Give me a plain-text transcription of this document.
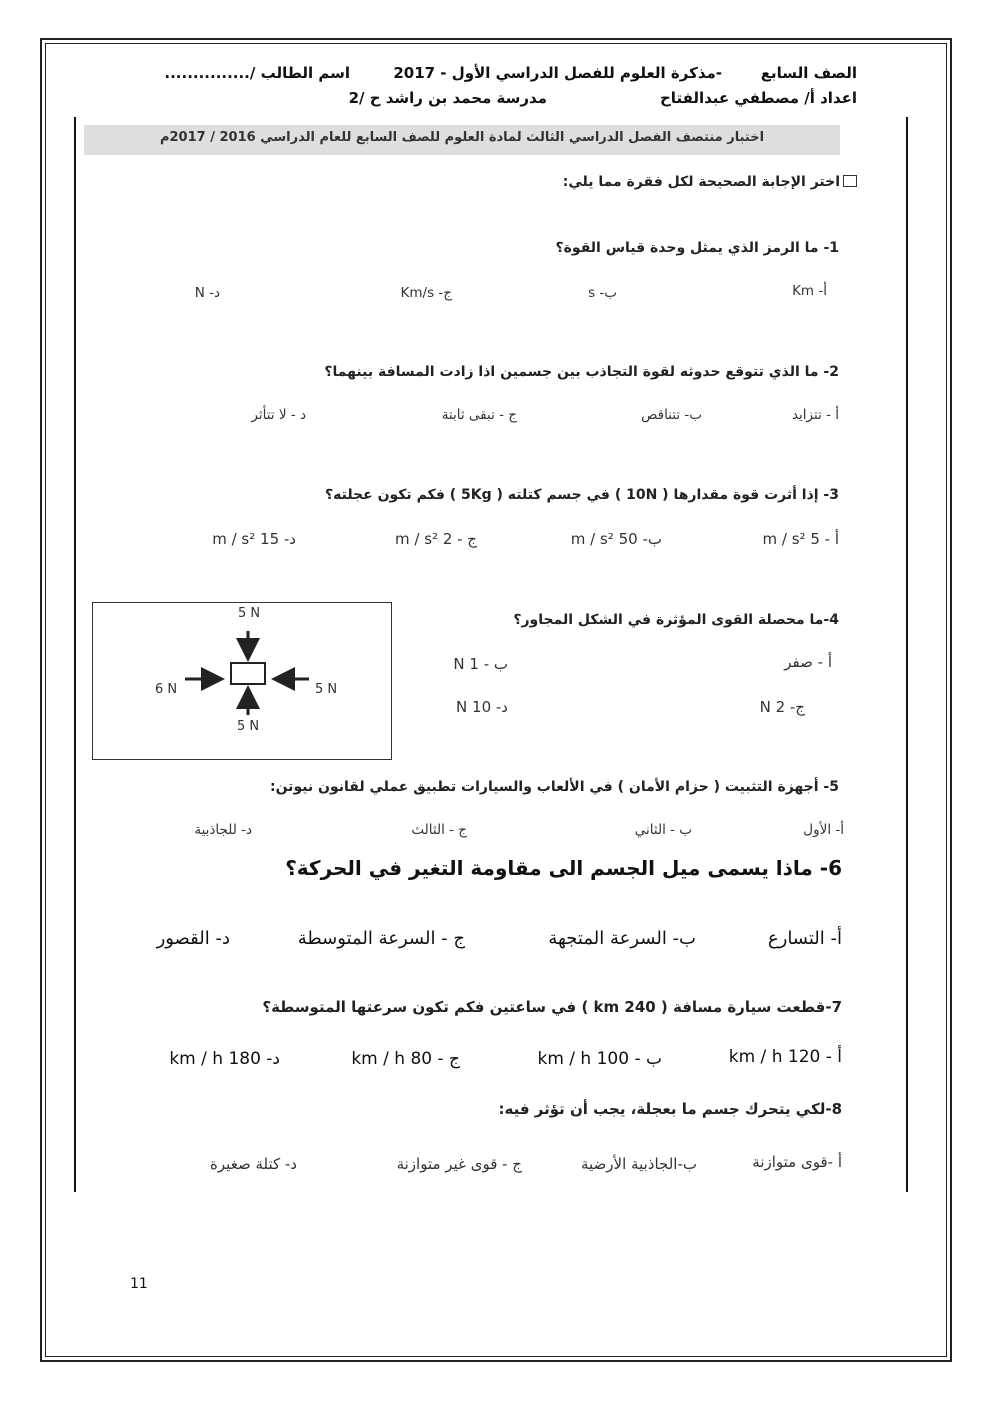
الصف السابع
-مذكرة العلوم للفصل الدراسي الأول - 2017
اسم الطالب /...............
اعداد أ/ مصطفي عبدالفتاح
مدرسة محمد بن راشد ح /2
اختبار منتصف الفصل الدراسي الثالث لمادة العلوم للصف السابع للعام الدراسي 2016 / 2017م
اختر الإجابة الصحيحة لكل فقرة مما يلي:
1- ما الرمز الذي يمثل وحدة قياس القوة؟
أ- Km
ب- s
ج- Km/s
د- N
2- ما الذي تتوقع حدوثه لقوة التجاذب بين جسمين اذا زادت المسافة بينهما؟
أ - تتزايد
ب- تتناقص
ج - تبقى ثابتة
د - لا تتأثر
3- إذا أثرت قوة مقدارها ( 10N ) في جسم كتلته ( 5Kg ) فكم تكون عجلته؟
أ - 5 m / s²
ب- 50 m / s²
ج - 2 m / s²
د- 15 m / s²
4-ما محصلة القوى المؤثرة في الشكل المجاور؟
أ - صفر
ب - 1 N
ج- 2 N
د- 10 N
5 N
6 N	5 N
5 N
5- أجهزة التثبيت ( حزام الأمان ) في الألعاب والسيارات تطبيق عملي لقانون نيوتن:
أ- الأول
ب - الثاني
ج - الثالث
د- للجاذبية
6- ماذا يسمى ميل الجسم الى مقاومة التغير في الحركة؟
أ- التسارع
ب- السرعة المتجهة
ج - السرعة المتوسطة
د- القصور
7-قطعت سيارة مسافة ( 240 km ) في ساعتين فكم تكون سرعتها المتوسطة؟
أ - 120 km / h
ب - 100 km / h
ج - 80 km / h
د- 180 km / h
8-لكي يتحرك جسم ما بعجلة، يجب أن تؤثر فيه:
أ -قوى متوازنة
ب-الجاذبية الأرضية
ج - قوى غير متوازنة
د- كتلة صغيرة
11
